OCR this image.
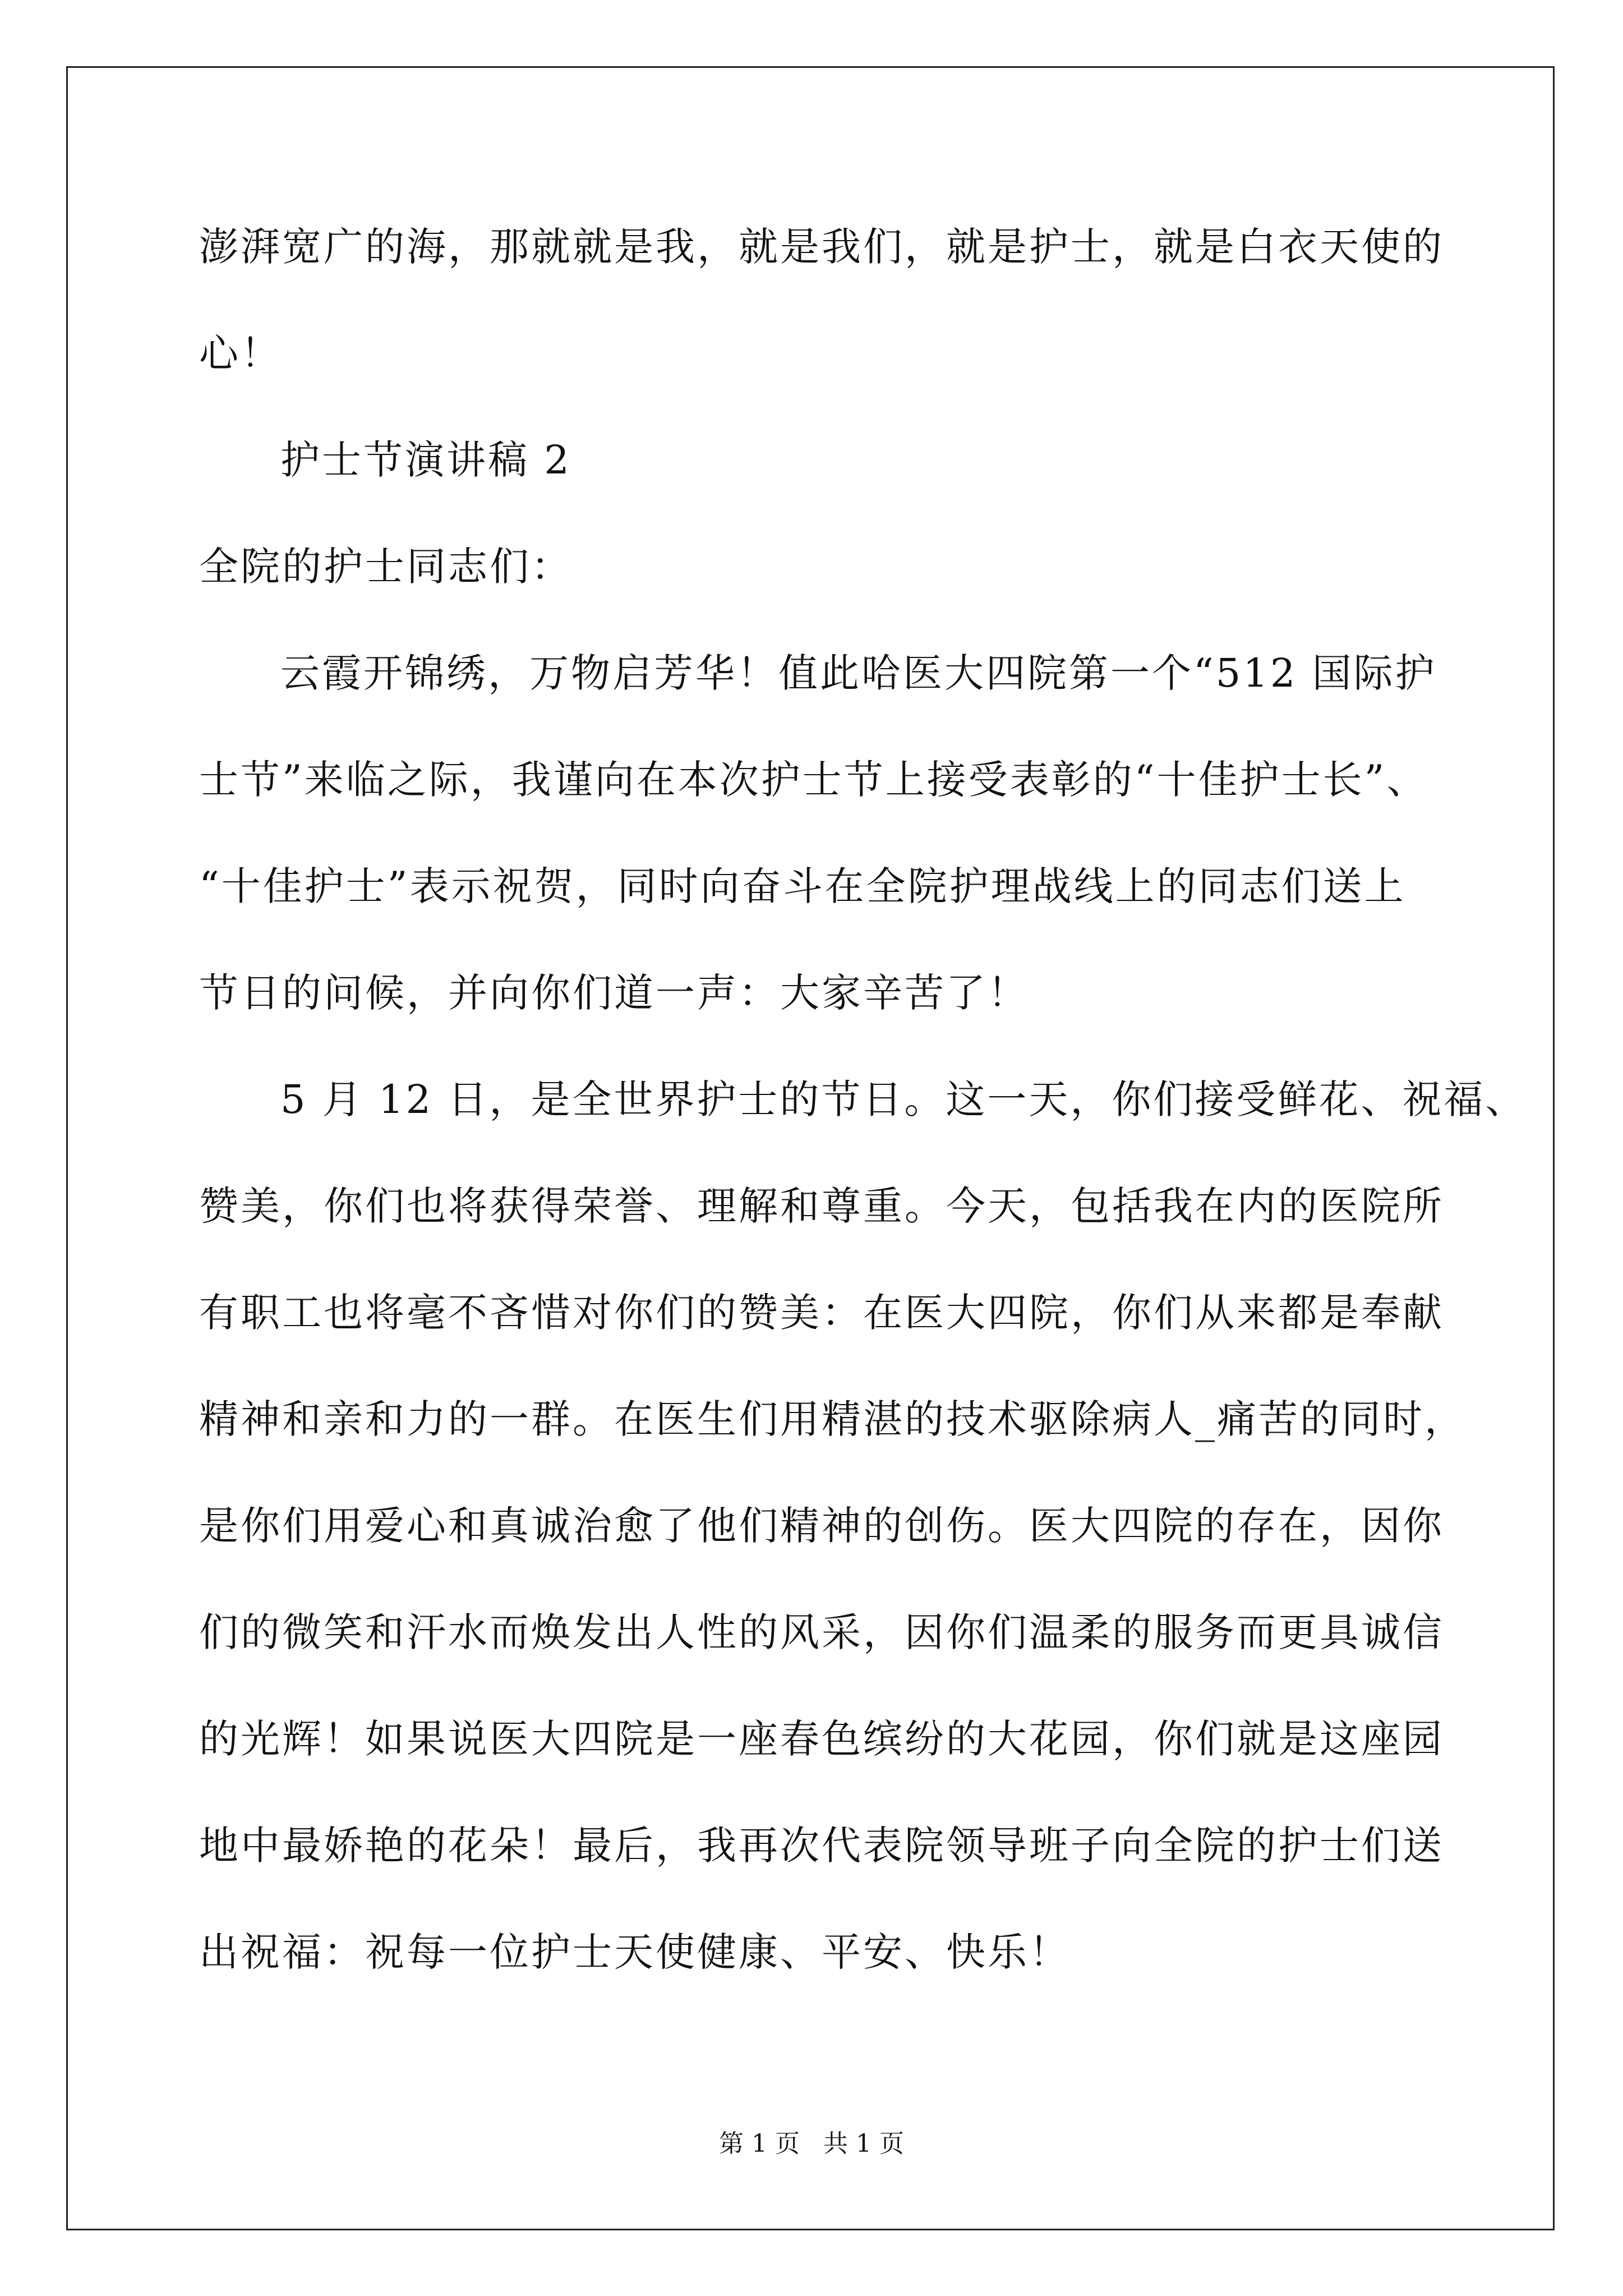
澎湃宽广的海，那就就是我，就是我们，就是护士，就是白衣天使的
心！
护士节演讲稿 2
全院的护士同志们：
云霞开锦绣，万物启芳华！值此哈医大四院第一个“512 国际护
士节”来临之际，我谨向在本次护士节上接受表彰的“十佳护士长”、
“十佳护士”表示祝贺，同时向奋斗在全院护理战线上的同志们送上
节日的问候，并向你们道一声：大家辛苦了！
5 月 12 日，是全世界护士的节日。这一天，你们接受鲜花、祝福、
赞美，你们也将获得荣誉、理解和尊重。今天，包括我在内的医院所
有职工也将毫不吝惜对你们的赞美：在医大四院，你们从来都是奉献
精神和亲和力的一群。在医生们用精湛的技术驱除病人_痛苦的同时，
是你们用爱心和真诚治愈了他们精神的创伤。医大四院的存在，因你
们的微笑和汗水而焕发出人性的风采，因你们温柔的服务而更具诚信
的光辉！如果说医大四院是一座春色缤纷的大花园，你们就是这座园
地中最娇艳的花朵！最后，我再次代表院领导班子向全院的护士们送
出祝福：祝每一位护士天使健康、平安、快乐！
第 1 页   共 1 页
